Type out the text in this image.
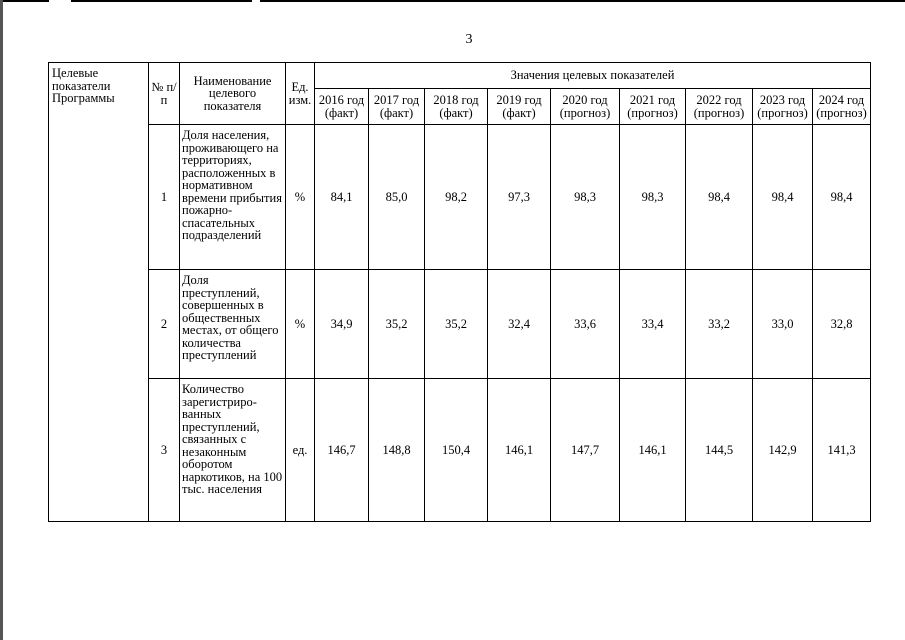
3
Целевые показатели Программы	№ п/п	Наименование целевого показателя	Ед. изм.	Значения целевых показателей								
				2016 год (факт)	2017 год (факт)	2018 год (факт)	2019 год (факт)	2020 год (прогноз)	2021 год (прогноз)	2022 год (прогноз)	2023 год (прогноз)	2024 год (прогноз)
	1	Доля населения, проживающего на территориях, расположенных в нормативном времени прибытия пожарно-спасательных подразделений	%	84,1	85,0	98,2	97,3	98,3	98,3	98,4	98,4	98,4
	2	Доля преступлений, совершенных в общественных местах, от общего количества преступлений	%	34,9	35,2	35,2	32,4	33,6	33,4	33,2	33,0	32,8
	3	Количество зарегистриро-ванных преступлений, связанных с незаконным оборотом наркотиков, на 100 тыс. населения	ед.	146,7	148,8	150,4	146,1	147,7	146,1	144,5	142,9	141,3
